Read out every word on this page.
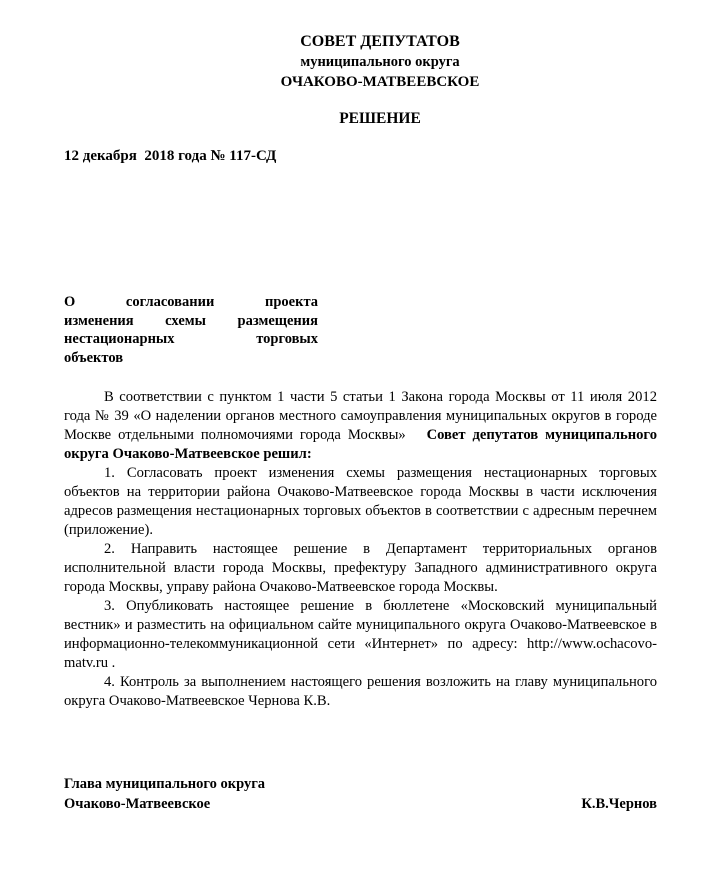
СОВЕТ ДЕПУТАТОВ
муниципального округа
ОЧАКОВО-МАТВЕЕВСКОЕ
РЕШЕНИЕ
12 декабря  2018 года № 117-СД
О согласовании проекта
изменения схемы размещения
нестационарных торговых
объектов

В соответствии с пунктом 1 части 5 статьи 1 Закона города Москвы от 11 июля 2012 года № 39 «О наделении органов местного самоуправления муниципальных округов в городе Москве отдельными полномочиями города Москвы» Совет депутатов муниципального округа Очаково-Матвеевское решил:

1. Согласовать проект изменения схемы размещения нестационарных торговых объектов на территории района Очаково-Матвеевское города Москвы в части исключения адресов размещения нестационарных торговых объектов в соответствии с адресным перечнем (приложение).

2. Направить настоящее решение в Департамент территориальных органов исполнительной власти города Москвы, префектуру Западного административного округа города Москвы, управу района Очаково-Матвеевское города Москвы.

3. Опубликовать настоящее решение в бюллетене «Московский муниципальный вестник» и разместить на официальном сайте муниципального округа Очаково-Матвеевское в информационно-телекоммуникационной сети «Интернет» по адресу: http://www.ochacovo-matv.ru .

4. Контроль за выполнением настоящего решения возложить на главу муниципального округа Очаково-Матвеевское Чернова К.В.

Глава муниципального округа
Очаково-Матвеевское	К.В.Чернов
